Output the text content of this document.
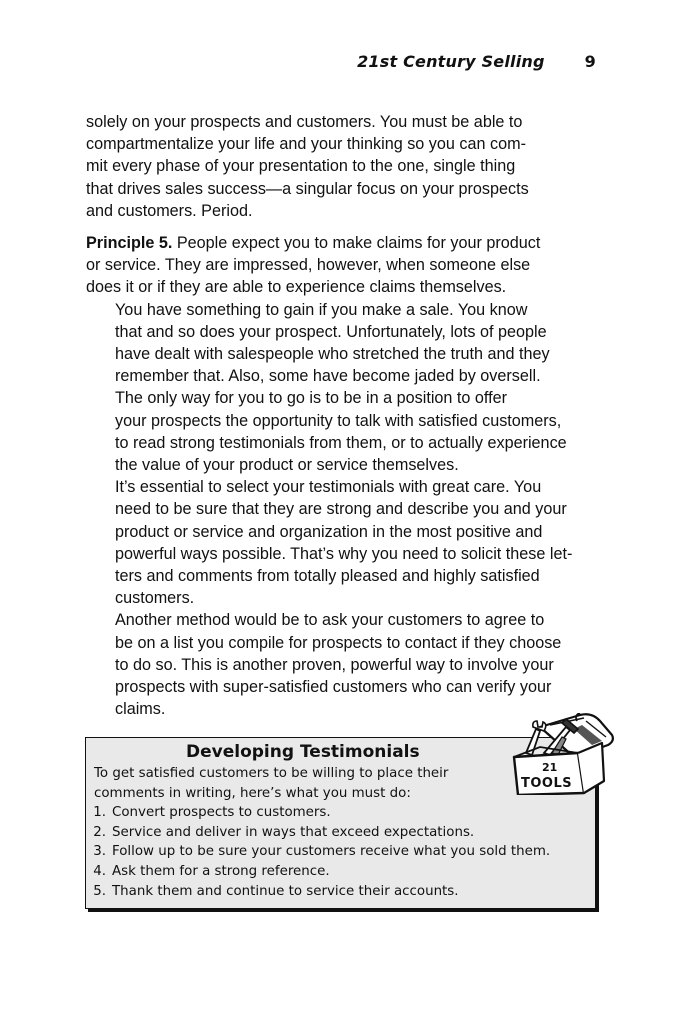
21st Century Selling	9

solely on your prospects and customers. You must be able to
compartmentalize your life and your thinking so you can com-
mit every phase of your presentation to the one, single thing
that drives sales success—a singular focus on your prospects
and customers. Period.

Principle 5. People expect you to make claims for your product
or service. They are impressed, however, when someone else
does it or if they are able to experience claims themselves.

You have something to gain if you make a sale. You know
that and so does your prospect. Unfortunately, lots of people
have dealt with salespeople who stretched the truth and they
remember that. Also, some have become jaded by oversell.

The only way for you to go is to be in a position to offer
your prospects the opportunity to talk with satisfied customers,
to read strong testimonials from them, or to actually experience
the value of your product or service themselves.

It’s essential to select your testimonials with great care. You
need to be sure that they are strong and describe you and your
product or service and organization in the most positive and
powerful ways possible. That’s why you need to solicit these let-
ters and comments from totally pleased and highly satisfied
customers.

Another method would be to ask your customers to agree to
be on a list you compile for prospects to contact if they choose
to do so. This is another proven, powerful way to involve your
prospects with super-satisfied customers who can verify your
claims.

Developing Testimonials
To get satisfied customers to be willing to place their
comments in writing, here’s what you must do:
1. Convert prospects to customers.
2. Service and deliver in ways that exceed expectations.
3. Follow up to be sure your customers receive what you sold them.
4. Ask them for a strong reference.
5. Thank them and continue to service their accounts.
21
TOOLS
